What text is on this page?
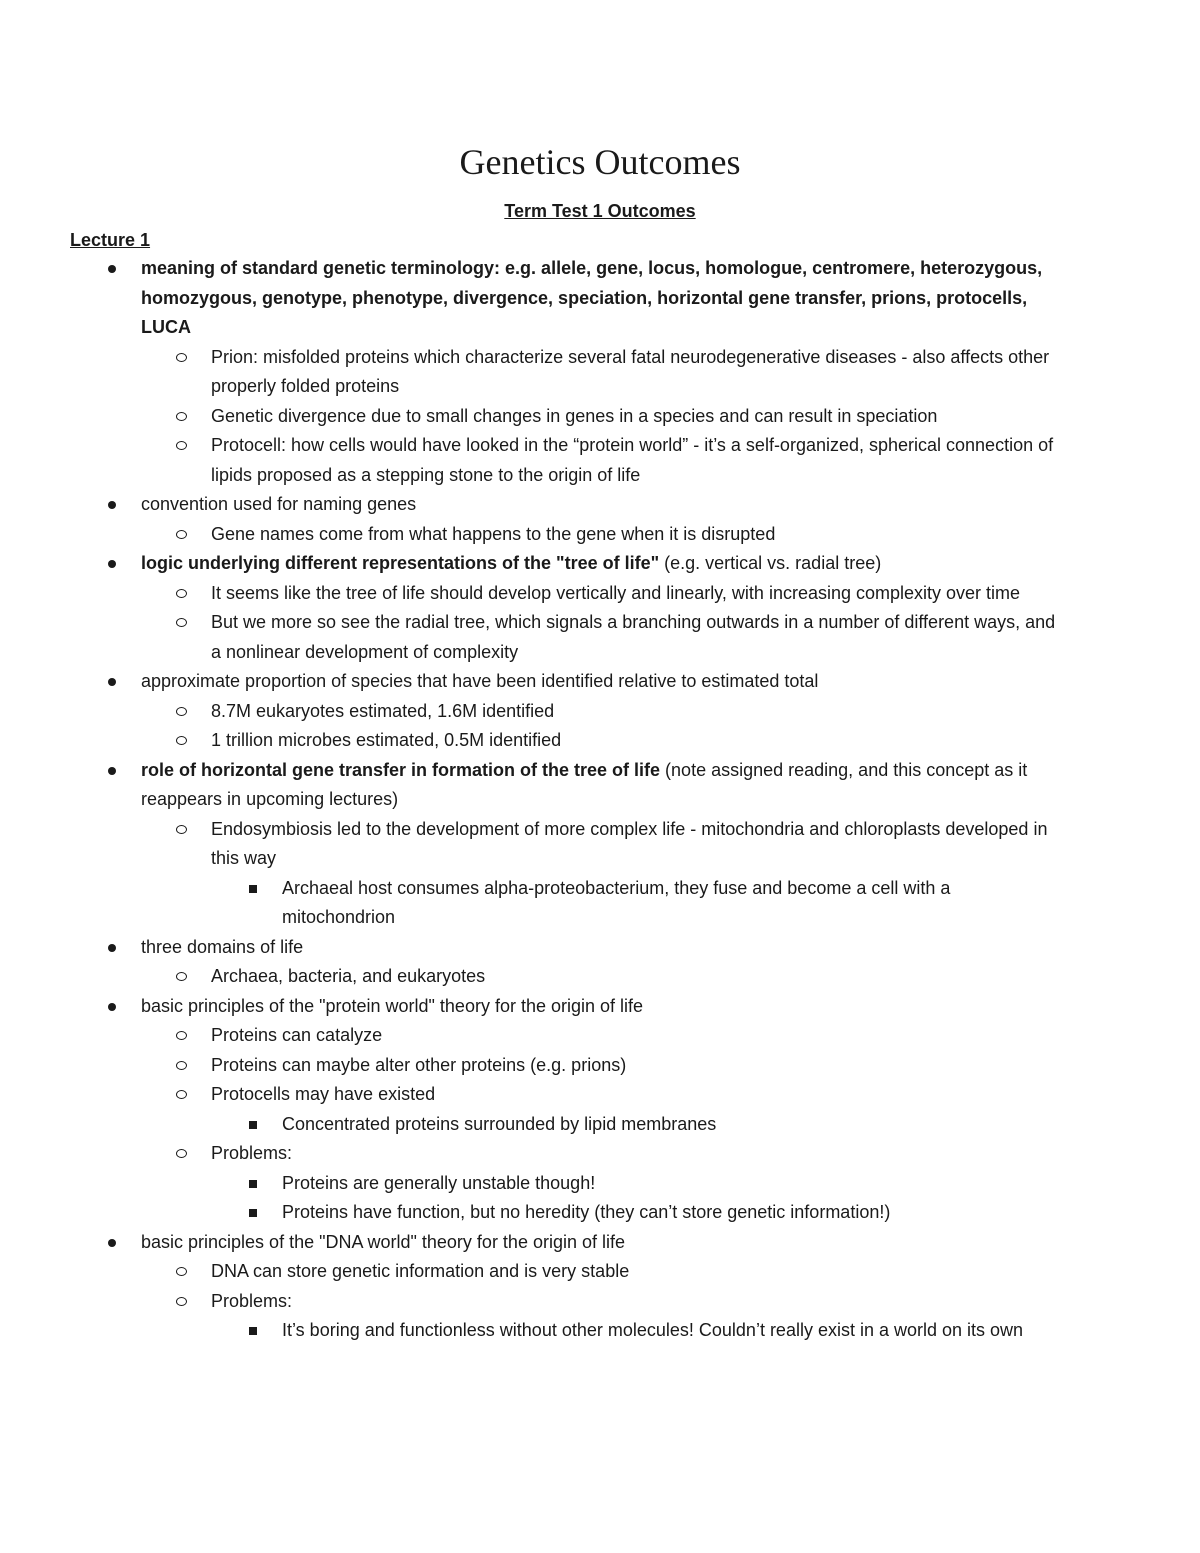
Genetics Outcomes
Term Test 1 Outcomes
Lecture 1
meaning of standard genetic terminology: e.g. allele, gene, locus, homologue, centromere, heterozygous, homozygous, genotype, phenotype, divergence, speciation, horizontal gene transfer, prions, protocells, LUCA
Prion: misfolded proteins which characterize several fatal neurodegenerative diseases - also affects other properly folded proteins
Genetic divergence due to small changes in genes in a species and can result in speciation
Protocell: how cells would have looked in the “protein world” - it’s a self-organized, spherical connection of lipids proposed as a stepping stone to the origin of life
convention used for naming genes
Gene names come from what happens to the gene when it is disrupted
logic underlying different representations of the "tree of life" (e.g. vertical vs. radial tree)
It seems like the tree of life should develop vertically and linearly, with increasing complexity over time
But we more so see the radial tree, which signals a branching outwards in a number of different ways, and a nonlinear development of complexity
approximate proportion of species that have been identified relative to estimated total
8.7M eukaryotes estimated, 1.6M identified
1 trillion microbes estimated, 0.5M identified
role of horizontal gene transfer in formation of the tree of life (note assigned reading, and this concept as it reappears in upcoming lectures)
Endosymbiosis led to the development of more complex life - mitochondria and chloroplasts developed in this way
Archaeal host consumes alpha-proteobacterium, they fuse and become a cell with a mitochondrion
three domains of life
Archaea, bacteria, and eukaryotes
basic principles of the "protein world" theory for the origin of life
Proteins can catalyze
Proteins can maybe alter other proteins (e.g. prions)
Protocells may have existed
Concentrated proteins surrounded by lipid membranes
Problems:
Proteins are generally unstable though!
Proteins have function, but no heredity (they can’t store genetic information!)
basic principles of the "DNA world" theory for the origin of life
DNA can store genetic information and is very stable
Problems:
It’s boring and functionless without other molecules! Couldn’t really exist in a world on its own
